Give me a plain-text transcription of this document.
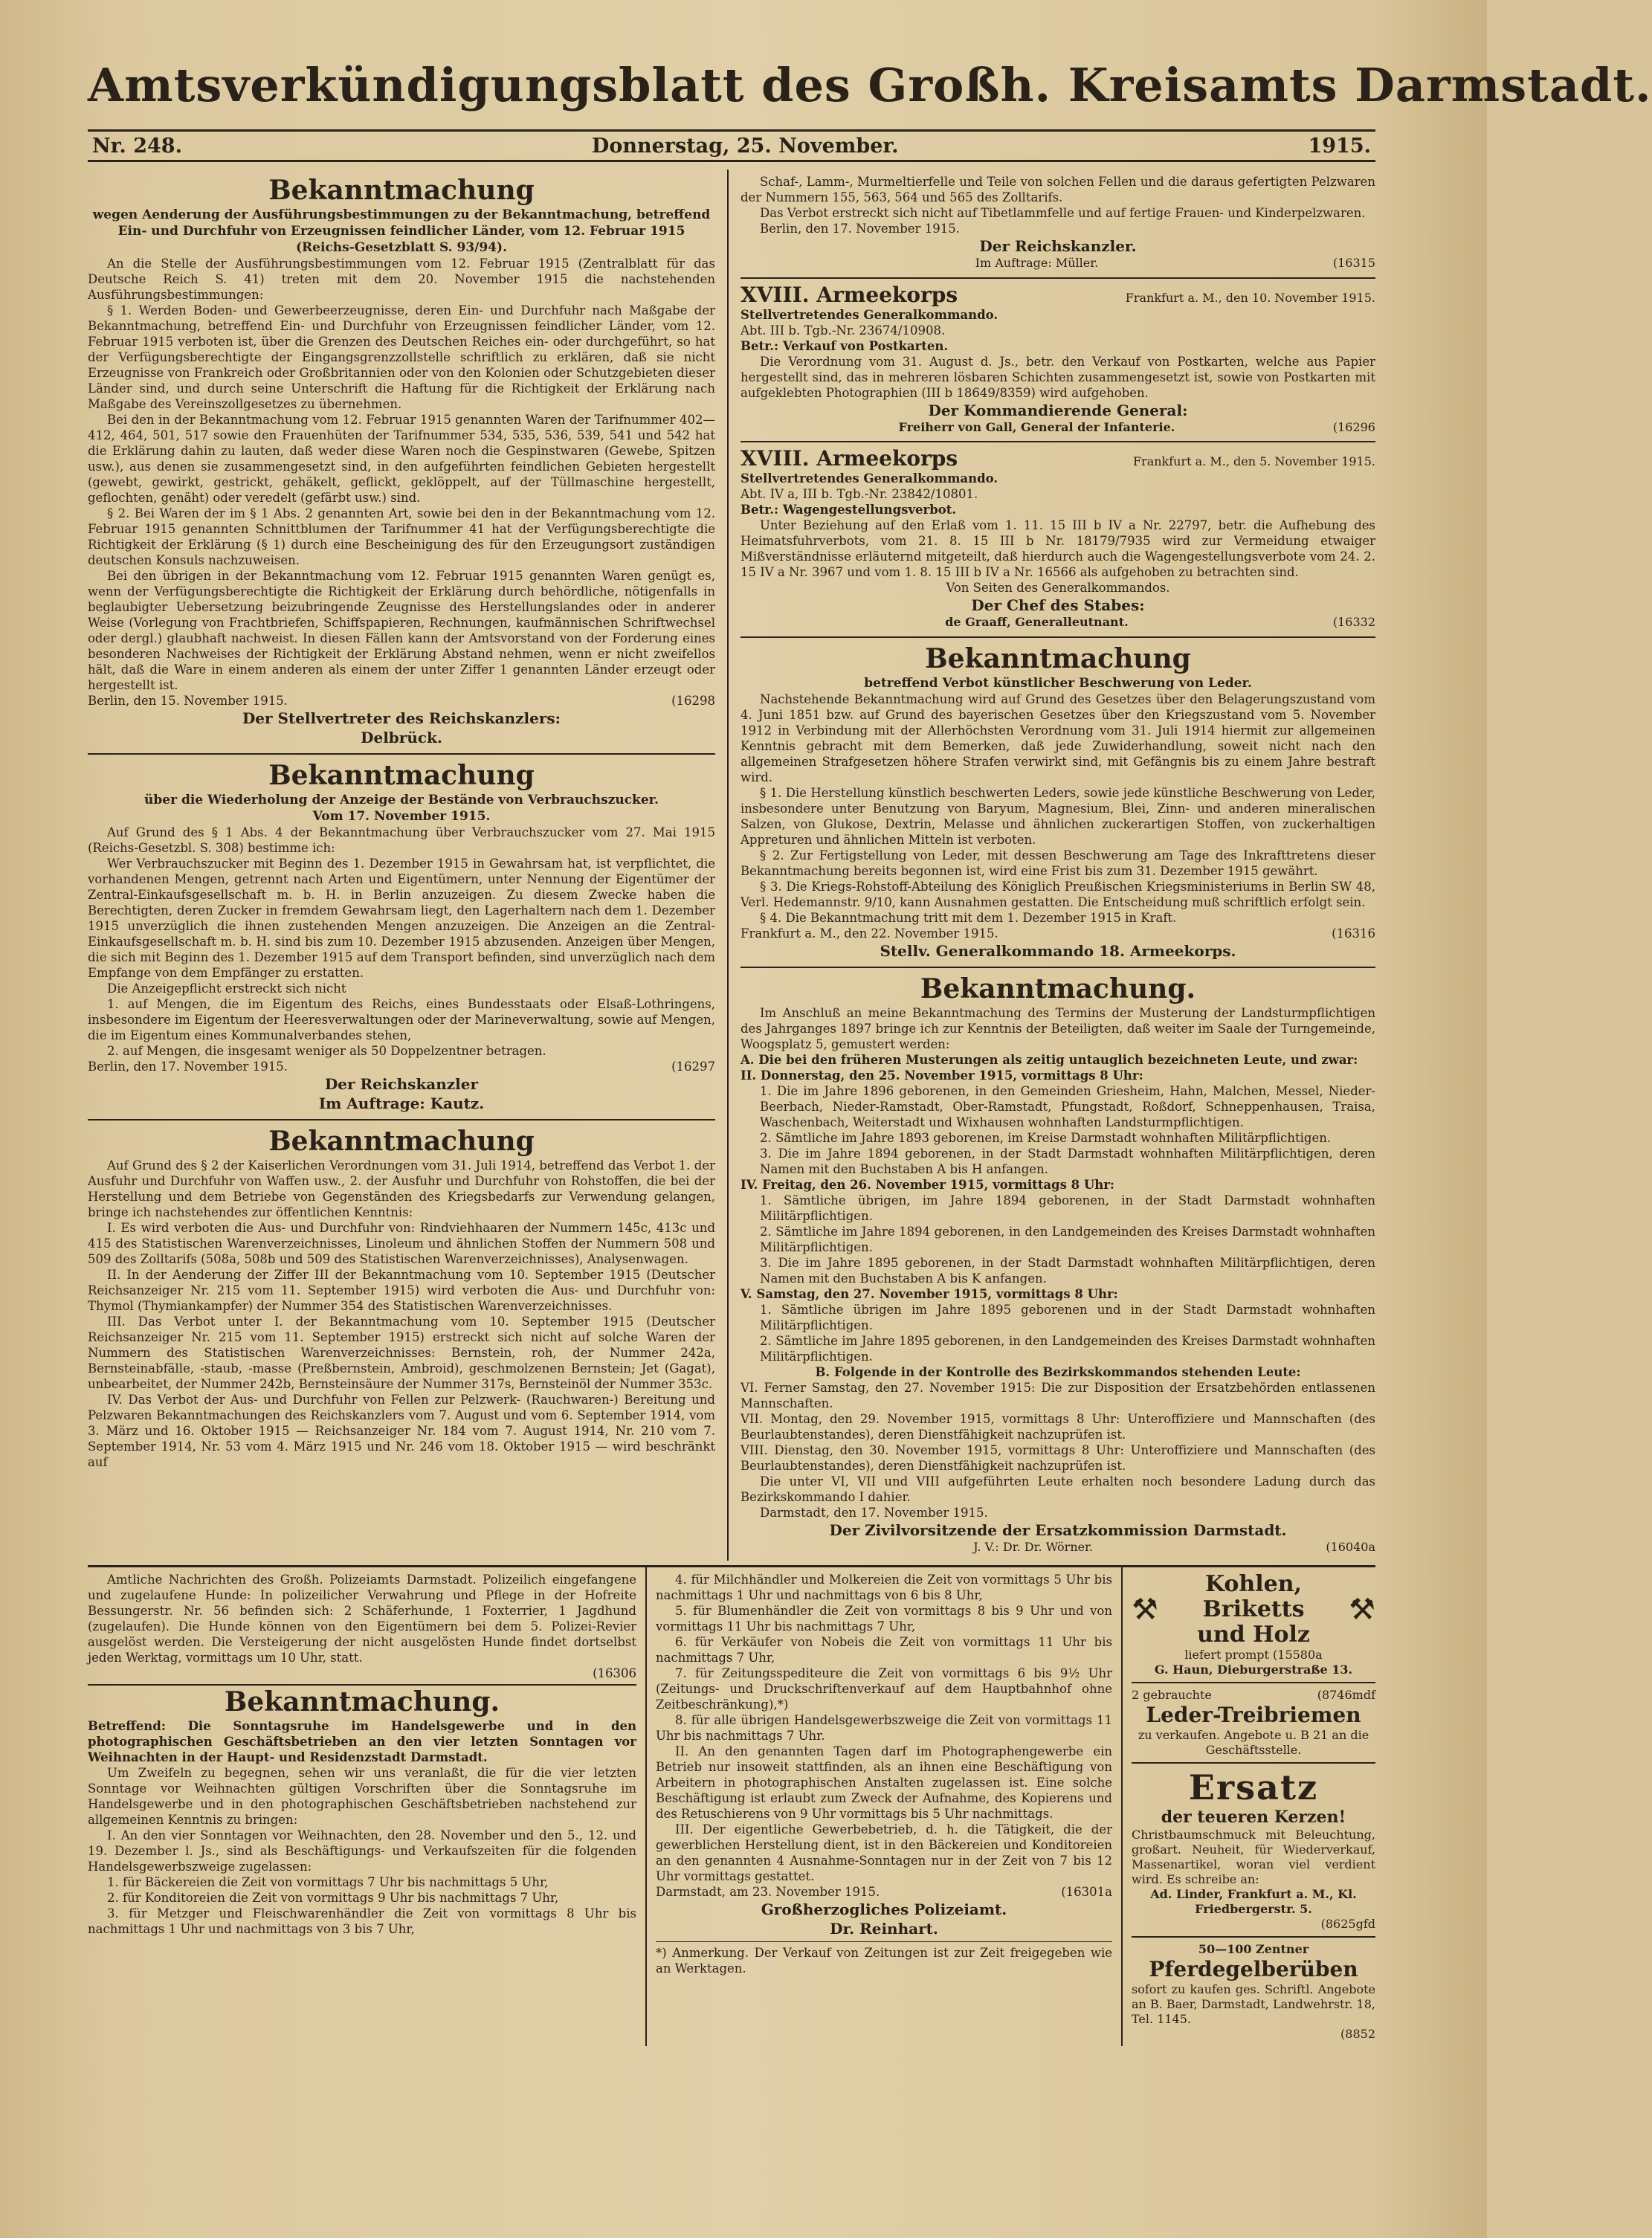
Amtsverkündigungsblatt des Großh. Kreisamts Darmstadt.
Nr. 248.	Donnerstag, 25. November.	1915.
Bekanntmachung
wegen Aenderung der Ausführungsbestimmungen zu der Bekanntmachung, betreffend Ein- und Durchfuhr von Erzeugnissen feindlicher Länder, vom 12. Februar 1915 (Reichs-Gesetzblatt S. 93/94).

An die Stelle der Ausführungsbestimmungen vom 12. Februar 1915 (Zentralblatt für das Deutsche Reich S. 41) treten mit dem 20. November 1915 die nachstehenden Ausführungsbestimmungen:

§ 1. Werden Boden- und Gewerbeerzeugnisse, deren Ein- und Durchfuhr nach Maßgabe der Bekanntmachung, betreffend Ein- und Durchfuhr von Erzeugnissen feindlicher Länder, vom 12. Februar 1915 verboten ist, über die Grenzen des Deutschen Reiches ein- oder durchgeführt, so hat der Verfügungsberechtigte der Eingangsgrenzzollstelle schriftlich zu erklären, daß sie nicht Erzeugnisse von Frankreich oder Großbritannien oder von den Kolonien oder Schutzgebieten dieser Länder sind, und durch seine Unterschrift die Haftung für die Richtigkeit der Erklärung nach Maßgabe des Vereinszollgesetzes zu übernehmen.

Bei den in der Bekanntmachung vom 12. Februar 1915 genannten Waren der Tarifnummer 402—412, 464, 501, 517 sowie den Frauenhüten der Tarifnummer 534, 535, 536, 539, 541 und 542 hat die Erklärung dahin zu lauten, daß weder diese Waren noch die Gespinstwaren (Gewebe, Spitzen usw.), aus denen sie zusammengesetzt sind, in den aufgeführten feindlichen Gebieten hergestellt (gewebt, gewirkt, gestrickt, gehäkelt, geflickt, geklöppelt, auf der Tüllmaschine hergestellt, geflochten, genäht) oder veredelt (gefärbt usw.) sind.

§ 2. Bei Waren der im § 1 Abs. 2 genannten Art, sowie bei den in der Bekanntmachung vom 12. Februar 1915 genannten Schnittblumen der Tarifnummer 41 hat der Verfügungsberechtigte die Richtigkeit der Erklärung (§ 1) durch eine Bescheinigung des für den Erzeugungsort zuständigen deutschen Konsuls nachzuweisen.

Bei den übrigen in der Bekanntmachung vom 12. Februar 1915 genannten Waren genügt es, wenn der Verfügungsberechtigte die Richtigkeit der Erklärung durch behördliche, nötigenfalls in beglaubigter Uebersetzung beizubringende Zeugnisse des Herstellungslandes oder in anderer Weise (Vorlegung von Frachtbriefen, Schiffspapieren, Rechnungen, kaufmännischen Schriftwechsel oder dergl.) glaubhaft nachweist. In diesen Fällen kann der Amtsvorstand von der Forderung eines besonderen Nachweises der Richtigkeit der Erklärung Abstand nehmen, wenn er nicht zweifellos hält, daß die Ware in einem anderen als einem der unter Ziffer 1 genannten Länder erzeugt oder hergestellt ist.

Berlin, den 15. November 1915.	(16298
Der Stellvertreter des Reichskanzlers:
Delbrück.
Bekanntmachung
über die Wiederholung der Anzeige der Bestände von Verbrauchszucker.
Vom 17. November 1915.

Auf Grund des § 1 Abs. 4 der Bekanntmachung über Verbrauchszucker vom 27. Mai 1915 (Reichs-Gesetzbl. S. 308) bestimme ich:

Wer Verbrauchszucker mit Beginn des 1. Dezember 1915 in Gewahrsam hat, ist verpflichtet, die vorhandenen Mengen, getrennt nach Arten und Eigentümern, unter Nennung der Eigentümer der Zentral-Einkaufsgesellschaft m. b. H. in Berlin anzuzeigen. Zu diesem Zwecke haben die Berechtigten, deren Zucker in fremdem Gewahrsam liegt, den Lagerhaltern nach dem 1. Dezember 1915 unverzüglich die ihnen zustehenden Mengen anzuzeigen. Die Anzeigen an die Zentral-Einkaufsgesellschaft m. b. H. sind bis zum 10. Dezember 1915 abzusenden. Anzeigen über Mengen, die sich mit Beginn des 1. Dezember 1915 auf dem Transport befinden, sind unverzüglich nach dem Empfange von dem Empfänger zu erstatten.

Die Anzeigepflicht erstreckt sich nicht

1. auf Mengen, die im Eigentum des Reichs, eines Bundesstaats oder Elsaß-Lothringens, insbesondere im Eigentum der Heeresverwaltungen oder der Marineverwaltung, sowie auf Mengen, die im Eigentum eines Kommunalverbandes stehen,

2. auf Mengen, die insgesamt weniger als 50 Doppelzentner betragen.

Berlin, den 17. November 1915.	(16297
Der Reichskanzler
Im Auftrage: Kautz.
Bekanntmachung

Auf Grund des § 2 der Kaiserlichen Verordnungen vom 31. Juli 1914, betreffend das Verbot 1. der Ausfuhr und Durchfuhr von Waffen usw., 2. der Ausfuhr und Durchfuhr von Rohstoffen, die bei der Herstellung und dem Betriebe von Gegenständen des Kriegsbedarfs zur Verwendung gelangen, bringe ich nachstehendes zur öffentlichen Kenntnis:

I. Es wird verboten die Aus- und Durchfuhr von: Rindviehhaaren der Nummern 145c, 413c und 415 des Statistischen Warenverzeichnisses, Linoleum und ähnlichen Stoffen der Nummern 508 und 509 des Zolltarifs (508a, 508b und 509 des Statistischen Warenverzeichnisses), Analysenwagen.

II. In der Aenderung der Ziffer III der Bekanntmachung vom 10. September 1915 (Deutscher Reichsanzeiger Nr. 215 vom 11. September 1915) wird verboten die Aus- und Durchfuhr von: Thymol (Thymiankampfer) der Nummer 354 des Statistischen Warenverzeichnisses.

III. Das Verbot unter I. der Bekanntmachung vom 10. September 1915 (Deutscher Reichsanzeiger Nr. 215 vom 11. September 1915) erstreckt sich nicht auf solche Waren der Nummern des Statistischen Warenverzeichnisses: Bernstein, roh, der Nummer 242a, Bernsteinabfälle, -staub, -masse (Preßbernstein, Ambroid), geschmolzenen Bernstein; Jet (Gagat), unbearbeitet, der Nummer 242b, Bernsteinsäure der Nummer 317s, Bernsteinöl der Nummer 353c.

IV. Das Verbot der Aus- und Durchfuhr von Fellen zur Pelzwerk- (Rauchwaren-) Bereitung und Pelzwaren Bekanntmachungen des Reichskanzlers vom 7. August und vom 6. September 1914, vom 3. März und 16. Oktober 1915 — Reichsanzeiger Nr. 184 vom 7. August 1914, Nr. 210 vom 7. September 1914, Nr. 53 vom 4. März 1915 und Nr. 246 vom 18. Oktober 1915 — wird beschränkt auf

Schaf-, Lamm-, Murmeltierfelle und Teile von solchen Fellen und die daraus gefertigten Pelzwaren der Nummern 155, 563, 564 und 565 des Zolltarifs.

Das Verbot erstreckt sich nicht auf Tibetlammfelle und auf fertige Frauen- und Kinderpelzwaren.

Berlin, den 17. November 1915.

Der Reichskanzler.
Im Auftrage: Müller.	(16315
XVIII. Armeekorps	Frankfurt a. M., den 10. November 1915.
Stellvertretendes Generalkommando.
Abt. III b. Tgb.-Nr. 23674/10908.
Betr.: Verkauf von Postkarten.

Die Verordnung vom 31. August d. Js., betr. den Verkauf von Postkarten, welche aus Papier hergestellt sind, das in mehreren lösbaren Schichten zusammengesetzt ist, sowie von Postkarten mit aufgeklebten Photographien (III b 18649/8359) wird aufgehoben.

Der Kommandierende General:
Freiherr von Gall, General der Infanterie.	(16296
XVIII. Armeekorps	Frankfurt a. M., den 5. November 1915.
Stellvertretendes Generalkommando.
Abt. IV a, III b. Tgb.-Nr. 23842/10801.
Betr.: Wagengestellungsverbot.

Unter Beziehung auf den Erlaß vom 1. 11. 15 III b IV a Nr. 22797, betr. die Aufhebung des Heimatsfuhrverbots, vom 21. 8. 15 III b Nr. 18179/7935 wird zur Vermeidung etwaiger Mißverständnisse erläuternd mitgeteilt, daß hierdurch auch die Wagengestellungsverbote vom 24. 2. 15 IV a Nr. 3967 und vom 1. 8. 15 III b IV a Nr. 16566 als aufgehoben zu betrachten sind.

Von Seiten des Generalkommandos.
Der Chef des Stabes:
de Graaff, Generalleutnant.	(16332
Bekanntmachung
betreffend Verbot künstlicher Beschwerung von Leder.

Nachstehende Bekanntmachung wird auf Grund des Gesetzes über den Belagerungszustand vom 4. Juni 1851 bzw. auf Grund des bayerischen Gesetzes über den Kriegszustand vom 5. November 1912 in Verbindung mit der Allerhöchsten Verordnung vom 31. Juli 1914 hiermit zur allgemeinen Kenntnis gebracht mit dem Bemerken, daß jede Zuwiderhandlung, soweit nicht nach den allgemeinen Strafgesetzen höhere Strafen verwirkt sind, mit Gefängnis bis zu einem Jahre bestraft wird.

§ 1. Die Herstellung künstlich beschwerten Leders, sowie jede künstliche Beschwerung von Leder, insbesondere unter Benutzung von Baryum, Magnesium, Blei, Zinn- und anderen mineralischen Salzen, von Glukose, Dextrin, Melasse und ähnlichen zuckerartigen Stoffen, von zuckerhaltigen Appreturen und ähnlichen Mitteln ist verboten.

§ 2. Zur Fertigstellung von Leder, mit dessen Beschwerung am Tage des Inkrafttretens dieser Bekanntmachung bereits begonnen ist, wird eine Frist bis zum 31. Dezember 1915 gewährt.

§ 3. Die Kriegs-Rohstoff-Abteilung des Königlich Preußischen Kriegsministeriums in Berlin SW 48, Verl. Hedemannstr. 9/10, kann Ausnahmen gestatten. Die Entscheidung muß schriftlich erfolgt sein.

§ 4. Die Bekanntmachung tritt mit dem 1. Dezember 1915 in Kraft.

Frankfurt a. M., den 22. November 1915.	(16316
Stellv. Generalkommando 18. Armeekorps.
Bekanntmachung.

Im Anschluß an meine Bekanntmachung des Termins der Musterung der Landsturmpflichtigen des Jahrganges 1897 bringe ich zur Kenntnis der Beteiligten, daß weiter im Saale der Turngemeinde, Woogsplatz 5, gemustert werden:

A. Die bei den früheren Musterungen als zeitig untauglich bezeichneten Leute, und zwar:
II. Donnerstag, den 25. November 1915, vormittags 8 Uhr:

1. Die im Jahre 1896 geborenen, in den Gemeinden Griesheim, Hahn, Malchen, Messel, Nieder-Beerbach, Nieder-Ramstadt, Ober-Ramstadt, Pfungstadt, Roßdorf, Schneppenhausen, Traisa, Waschenbach, Weiterstadt und Wixhausen wohnhaften Landsturmpflichtigen.

2. Sämtliche im Jahre 1893 geborenen, im Kreise Darmstadt wohnhaften Militärpflichtigen.

3. Die im Jahre 1894 geborenen, in der Stadt Darmstadt wohnhaften Militärpflichtigen, deren Namen mit den Buchstaben A bis H anfangen.

IV. Freitag, den 26. November 1915, vormittags 8 Uhr:

1. Sämtliche übrigen, im Jahre 1894 geborenen, in der Stadt Darmstadt wohnhaften Militärpflichtigen.

2. Sämtliche im Jahre 1894 geborenen, in den Landgemeinden des Kreises Darmstadt wohnhaften Militärpflichtigen.

3. Die im Jahre 1895 geborenen, in der Stadt Darmstadt wohnhaften Militärpflichtigen, deren Namen mit den Buchstaben A bis K anfangen.

V. Samstag, den 27. November 1915, vormittags 8 Uhr:

1. Sämtliche übrigen im Jahre 1895 geborenen und in der Stadt Darmstadt wohnhaften Militärpflichtigen.

2. Sämtliche im Jahre 1895 geborenen, in den Landgemeinden des Kreises Darmstadt wohnhaften Militärpflichtigen.

B. Folgende in der Kontrolle des Bezirkskommandos stehenden Leute:
VI. Ferner Samstag, den 27. November 1915: Die zur Disposition der Ersatzbehörden entlassenen Mannschaften.
VII. Montag, den 29. November 1915, vormittags 8 Uhr: Unteroffiziere und Mannschaften (des Beurlaubtenstandes), deren Dienstfähigkeit nachzuprüfen ist.
VIII. Dienstag, den 30. November 1915, vormittags 8 Uhr: Unteroffiziere und Mannschaften (des Beurlaubtenstandes), deren Dienstfähigkeit nachzuprüfen ist.

Die unter VI, VII und VIII aufgeführten Leute erhalten noch besondere Ladung durch das Bezirkskommando I dahier.

Darmstadt, den 17. November 1915.

Der Zivilvorsitzende der Ersatzkommission Darmstadt.
J. V.: Dr. Dr. Wörner.	(16040a

Amtliche Nachrichten des Großh. Polizeiamts Darmstadt. Polizeilich eingefangene und zugelaufene Hunde: In polizeilicher Verwahrung und Pflege in der Hofreite Bessungerstr. Nr. 56 befinden sich: 2 Schäferhunde, 1 Foxterrier, 1 Jagdhund (zugelaufen). Die Hunde können von den Eigentümern bei dem 5. Polizei-Revier ausgelöst werden. Die Versteigerung der nicht ausgelösten Hunde findet dortselbst jeden Werktag, vormittags um 10 Uhr, statt.

(16306
Bekanntmachung.
Betreffend: Die Sonntagsruhe im Handelsgewerbe und in den photographischen Geschäftsbetrieben an den vier letzten Sonntagen vor Weihnachten in der Haupt- und Residenzstadt Darmstadt.

Um Zweifeln zu begegnen, sehen wir uns veranlaßt, die für die vier letzten Sonntage vor Weihnachten gültigen Vorschriften über die Sonntagsruhe im Handelsgewerbe und in den photographischen Geschäftsbetrieben nachstehend zur allgemeinen Kenntnis zu bringen:

I. An den vier Sonntagen vor Weihnachten, den 28. November und den 5., 12. und 19. Dezember l. Js., sind als Beschäftigungs- und Verkaufszeiten für die folgenden Handelsgewerbszweige zugelassen:

1. für Bäckereien die Zeit von vormittags 7 Uhr bis nachmittags 5 Uhr,

2. für Konditoreien die Zeit von vormittags 9 Uhr bis nachmittags 7 Uhr,

3. für Metzger und Fleischwarenhändler die Zeit von vormittags 8 Uhr bis nachmittags 1 Uhr und nachmittags von 3 bis 7 Uhr,

4. für Milchhändler und Molkereien die Zeit von vormittags 5 Uhr bis nachmittags 1 Uhr und nachmittags von 6 bis 8 Uhr,

5. für Blumenhändler die Zeit von vormittags 8 bis 9 Uhr und von vormittags 11 Uhr bis nachmittags 7 Uhr,

6. für Verkäufer von Nobeis die Zeit von vormittags 11 Uhr bis nachmittags 7 Uhr,

7. für Zeitungsspediteure die Zeit von vormittags 6 bis 9½ Uhr (Zeitungs- und Druckschriftenverkauf auf dem Hauptbahnhof ohne Zeitbeschränkung),*)

8. für alle übrigen Handelsgewerbszweige die Zeit von vormittags 11 Uhr bis nachmittags 7 Uhr.

II. An den genannten Tagen darf im Photographengewerbe ein Betrieb nur insoweit stattfinden, als an ihnen eine Beschäftigung von Arbeitern in photographischen Anstalten zugelassen ist. Eine solche Beschäftigung ist erlaubt zum Zweck der Aufnahme, des Kopierens und des Retuschierens von 9 Uhr vormittags bis 5 Uhr nachmittags.

III. Der eigentliche Gewerbebetrieb, d. h. die Tätigkeit, die der gewerblichen Herstellung dient, ist in den Bäckereien und Konditoreien an den genannten 4 Ausnahme-Sonntagen nur in der Zeit von 7 bis 12 Uhr vormittags gestattet.

Darmstadt, am 23. November 1915.	(16301a
Großherzogliches Polizeiamt.
Dr. Reinhart.
*) Anmerkung. Der Verkauf von Zeitungen ist zur Zeit freigegeben wie an Werktagen.
⚒
Kohlen, Briketts
und Holz
⚒
liefert prompt (15580a
G. Haun, Dieburgerstraße 13.
2 gebrauchte	(8746mdf
Leder-Treibriemen
zu verkaufen. Angebote u. B 21 an die Geschäftsstelle.
Ersatz
der teueren Kerzen!
Christbaumschmuck mit Beleuchtung, großart. Neuheit, für Wiederverkauf, Massenartikel, woran viel verdient wird. Es schreibe an:
Ad. Linder, Frankfurt a. M., Kl. Friedbergerstr. 5.
(8625gfd
50—100 Zentner
Pferdegelberüben
sofort zu kaufen ges. Schriftl. Angebote an B. Baer, Darmstadt, Landwehrstr. 18, Tel. 1145.
(8852
